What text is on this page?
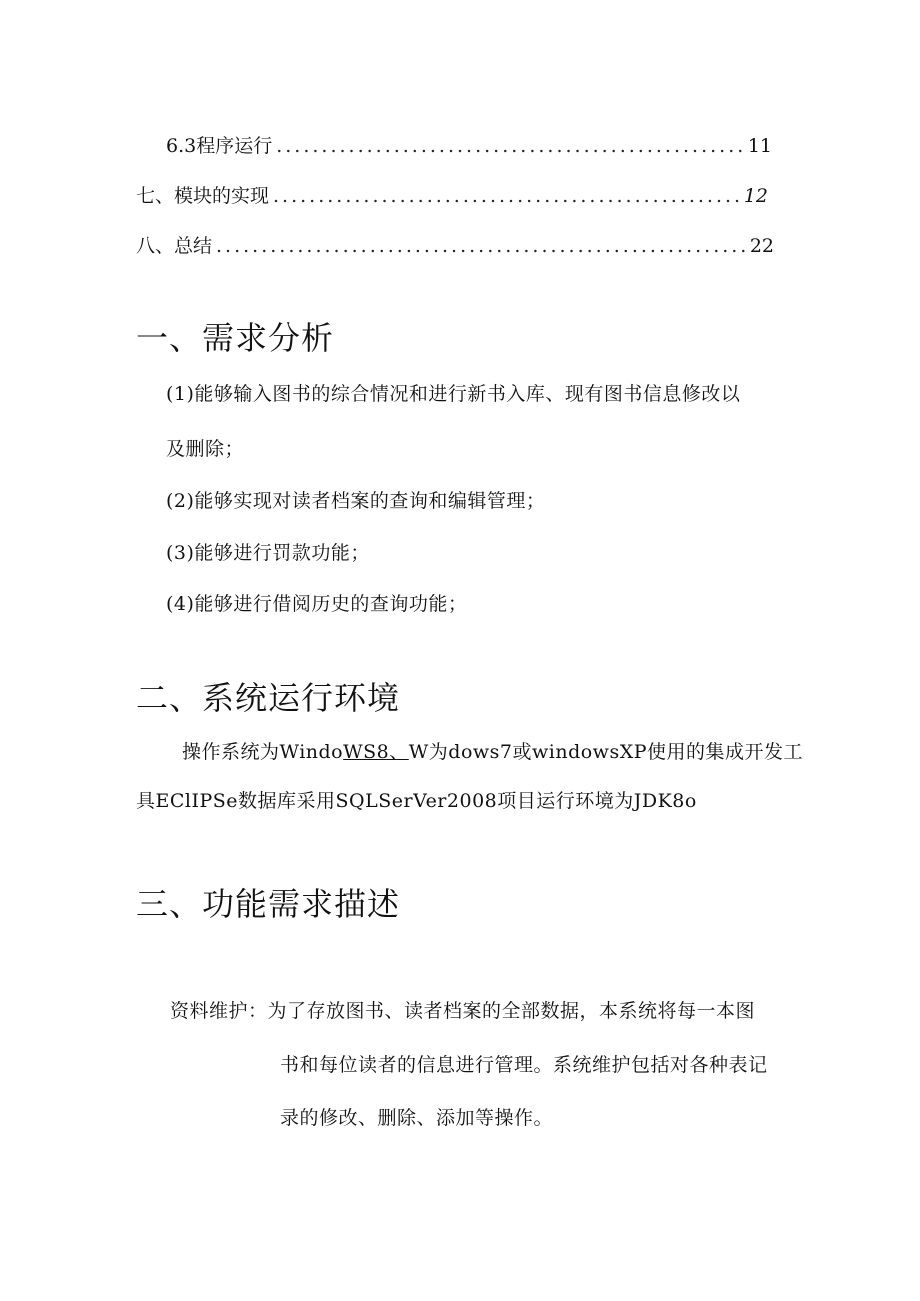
6.3程序运行 .....	11
七、模块的实现 .....	12
八、总结 .....	22
一、需求分析
(1)能够输入图书的综合情况和进行新书入库、现有图书信息修改以
及删除；
(2)能够实现对读者档案的查询和编辑管理；
(3)能够进行罚款功能；
(4)能够进行借阅历史的查询功能；
二、系统运行环境
操作系统为WindoWS8、W为dows7或windowsXP使用的集成开发工
具EClIPSe数据库采用SQLSerVer2008项目运行环境为JDK8o
三、功能需求描述
资料维护：为了存放图书、读者档案的全部数据，本系统将每一本图
书和每位读者的信息进行管理。系统维护包括对各种表记
录的修改、删除、添加等操作。
